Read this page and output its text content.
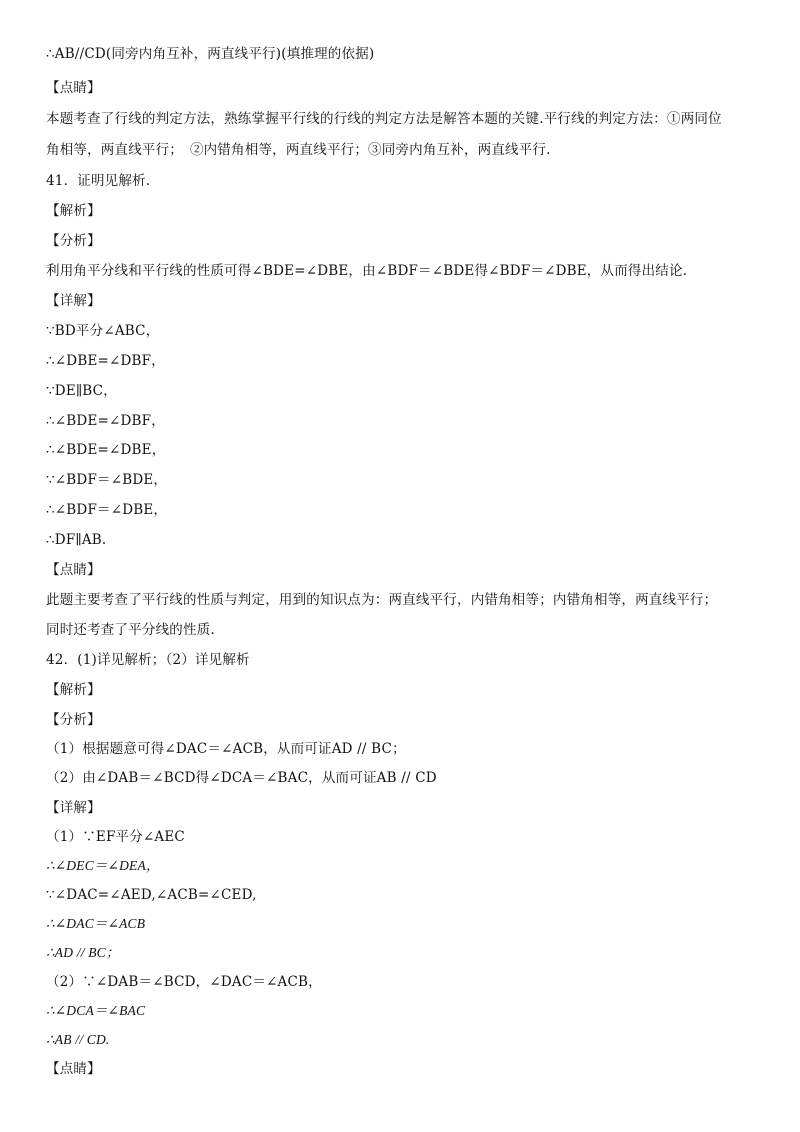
∴AB//CD(同旁内角互补，两直线平行)(填推理的依据)
【点睛】
本题考查了行线的判定方法，熟练掌握平行线的行线的判定方法是解答本题的关键.平行线的判定方法：①两同位
角相等，两直线平行；　②内错角相等，两直线平行；③同旁内角互补，两直线平行.
41．证明见解析.
【解析】
【分析】
利用角平分线和平行线的性质可得∠BDE=∠DBE，由∠BDF＝∠BDE得∠BDF＝∠DBE，从而得出结论.
【详解】
∵BD平分∠ABC，
∴∠DBE=∠DBF，
∵DE∥BC，
∴∠BDE=∠DBF，
∴∠BDE=∠DBE，
∵∠BDF＝∠BDE，
∴∠BDF＝∠DBE，
∴DF∥AB.
【点睛】
此题主要考查了平行线的性质与判定，用到的知识点为：两直线平行，内错角相等；内错角相等，两直线平行；
同时还考查了平分线的性质.
42．(1)详见解析；（2）详见解析
【解析】
【分析】
（1）根据题意可得∠DAC＝∠ACB，从而可证AD // BC；
（2）由∠DAB＝∠BCD得∠DCA＝∠BAC，从而可证AB // CD
【详解】
（1）∵EF平分∠AEC
∴∠DEC＝∠DEA，
∵∠DAC=∠AED,∠ACB=∠CED,
∴∠DAC＝∠ACB
∴AD // BC；
（2）∵∠DAB＝∠BCD，∠DAC＝∠ACB，
∴∠DCA＝∠BAC
∴AB // CD.
【点睛】
